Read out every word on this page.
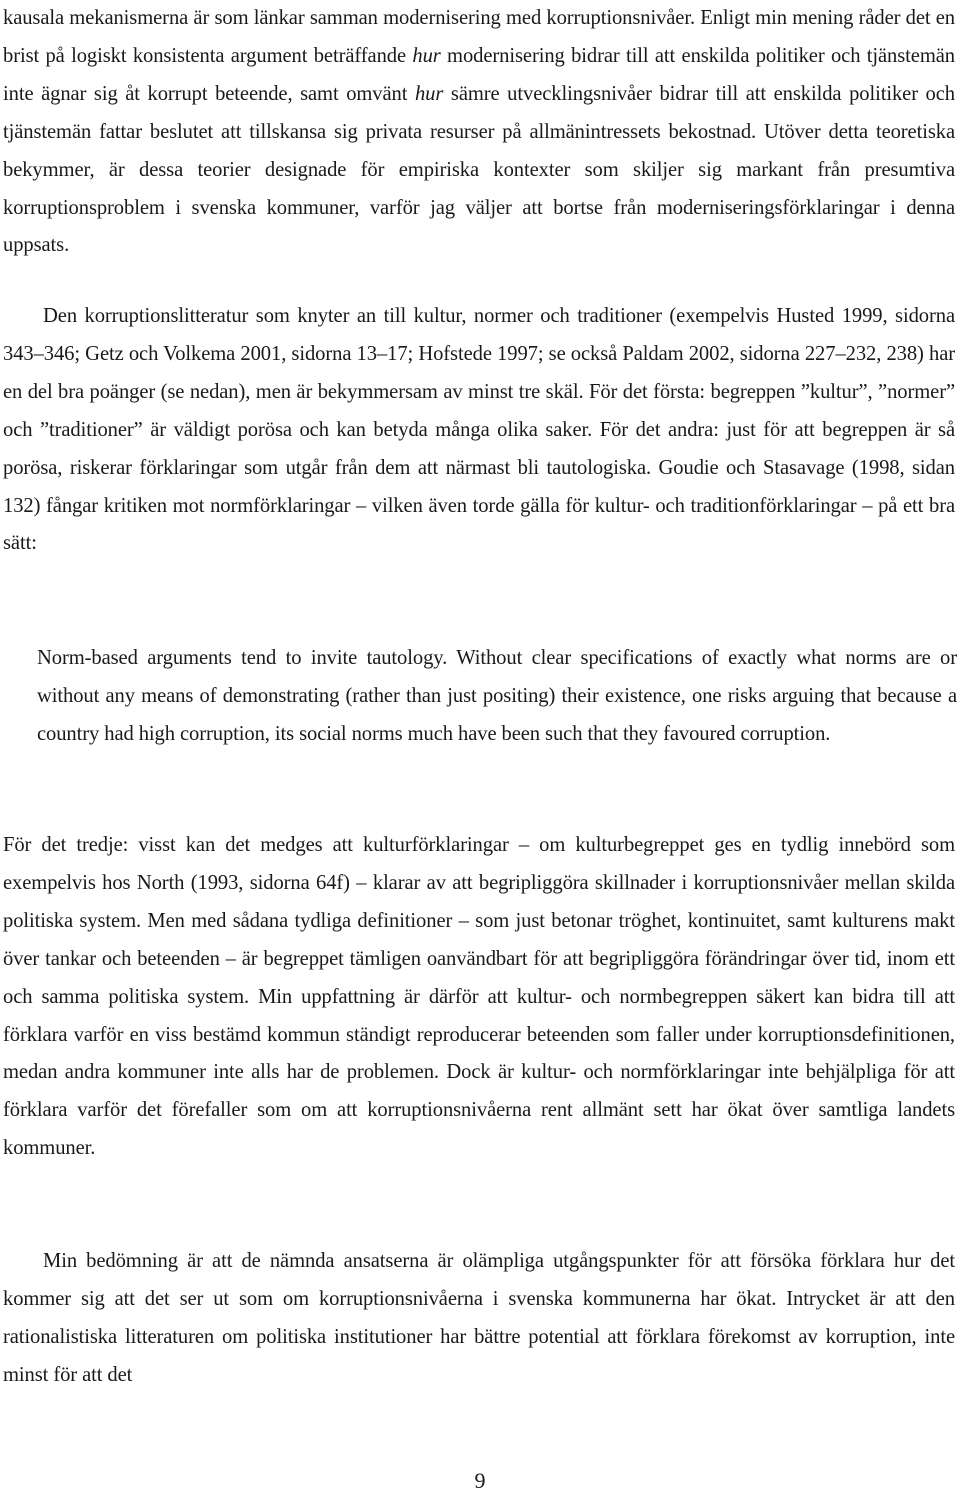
kausala mekanismerna är som länkar samman modernisering med korruptionsnivåer. Enligt min mening råder det en brist på logiskt konsistenta argument beträffande hur modernisering bidrar till att enskilda politiker och tjänstemän inte ägnar sig åt korrupt beteende, samt omvänt hur sämre utvecklingsnivåer bidrar till att enskilda politiker och tjänstemän fattar beslutet att tillskansa sig privata resurser på allmänintressets bekostnad. Utöver detta teoretiska bekymmer, är dessa teorier designade för empiriska kontexter som skiljer sig markant från presumtiva korruptionsproblem i svenska kommuner, varför jag väljer att bortse från moderniseringsförklaringar i denna uppsats.

Den korruptionslitteratur som knyter an till kultur, normer och traditioner (exempelvis Husted 1999, sidorna 343–346; Getz och Volkema 2001, sidorna 13–17; Hofstede 1997; se också Paldam 2002, sidorna 227–232, 238) har en del bra poänger (se nedan), men är bekymmersam av minst tre skäl. För det första: begreppen ”kultur”, ”normer” och ”traditioner” är väldigt porösa och kan betyda många olika saker. För det andra: just för att begreppen är så porösa, riskerar förklaringar som utgår från dem att närmast bli tautologiska. Goudie och Stasavage (1998, sidan 132) fångar kritiken mot normförklaringar – vilken även torde gälla för kultur- och traditionförklaringar – på ett bra sätt:

Norm-based arguments tend to invite tautology. Without clear specifications of exactly what norms are or without any means of demonstrating (rather than just positing) their existence, one risks arguing that because a country had high corruption, its social norms much have been such that they favoured corruption.

För det tredje: visst kan det medges att kulturförklaringar – om kulturbegreppet ges en tydlig innebörd som exempelvis hos North (1993, sidorna 64f) – klarar av att begripliggöra skillnader i korruptionsnivåer mellan skilda politiska system. Men med sådana tydliga definitioner – som just betonar tröghet, kontinuitet, samt kulturens makt över tankar och beteenden – är begreppet tämligen oanvändbart för att begripliggöra förändringar över tid, inom ett och samma politiska system. Min uppfattning är därför att kultur- och normbegreppen säkert kan bidra till att förklara varför en viss bestämd kommun ständigt reproducerar beteenden som faller under korruptionsdefinitionen, medan andra kommuner inte alls har de problemen. Dock är kultur- och normförklaringar inte behjälpliga för att förklara varför det förefaller som om att korruptionsnivåerna rent allmänt sett har ökat över samtliga landets kommuner.

Min bedömning är att de nämnda ansatserna är olämpliga utgångspunkter för att försöka förklara hur det kommer sig att det ser ut som om korruptionsnivåerna i svenska kommunerna har ökat. Intrycket är att den rationalistiska litteraturen om politiska institutioner har bättre potential att förklara förekomst av korruption, inte minst för att det

9
